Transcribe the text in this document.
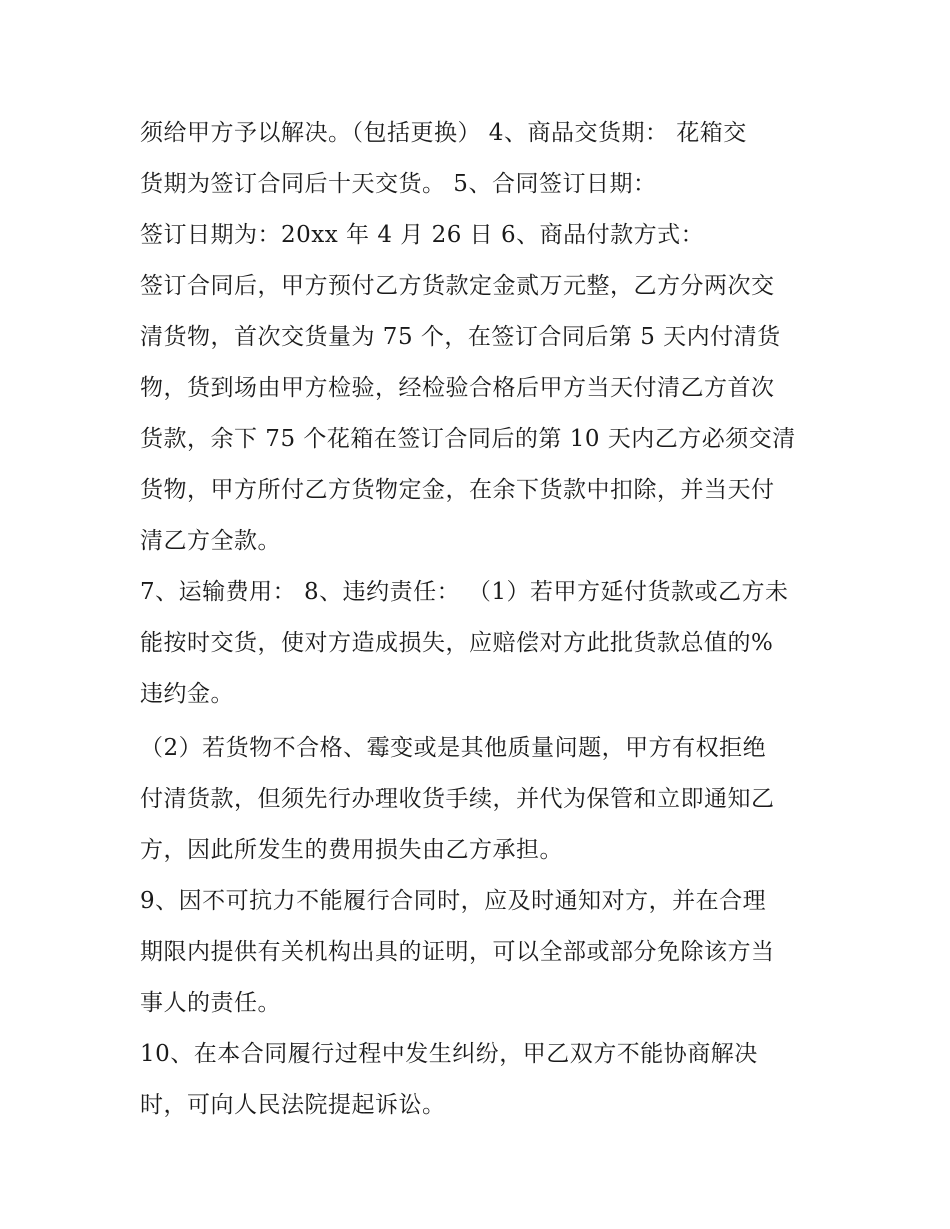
须给甲方予以解决。（包括更换） 4、商品交货期： 花箱交
货期为签订合同后十天交货。 5、合同签订日期：
签订日期为：20xx 年 4 月 26 日 6、商品付款方式：
签订合同后，甲方预付乙方货款定金贰万元整，乙方分两次交
清货物，首次交货量为 75 个，在签订合同后第 5 天内付清货
物，货到场由甲方检验，经检验合格后甲方当天付清乙方首次
货款，余下 75 个花箱在签订合同后的第 10 天内乙方必须交清
货物，甲方所付乙方货物定金，在余下货款中扣除，并当天付
清乙方全款。
7、运输费用： 8、违约责任： （1）若甲方延付货款或乙方未
能按时交货，使对方造成损失，应赔偿对方此批货款总值的%
违约金。
（2）若货物不合格、霉变或是其他质量问题，甲方有权拒绝
付清货款，但须先行办理收货手续，并代为保管和立即通知乙
方，因此所发生的费用损失由乙方承担。
9、因不可抗力不能履行合同时，应及时通知对方，并在合理
期限内提供有关机构出具的证明，可以全部或部分免除该方当
事人的责任。
10、在本合同履行过程中发生纠纷，甲乙双方不能协商解决
时，可向人民法院提起诉讼。
